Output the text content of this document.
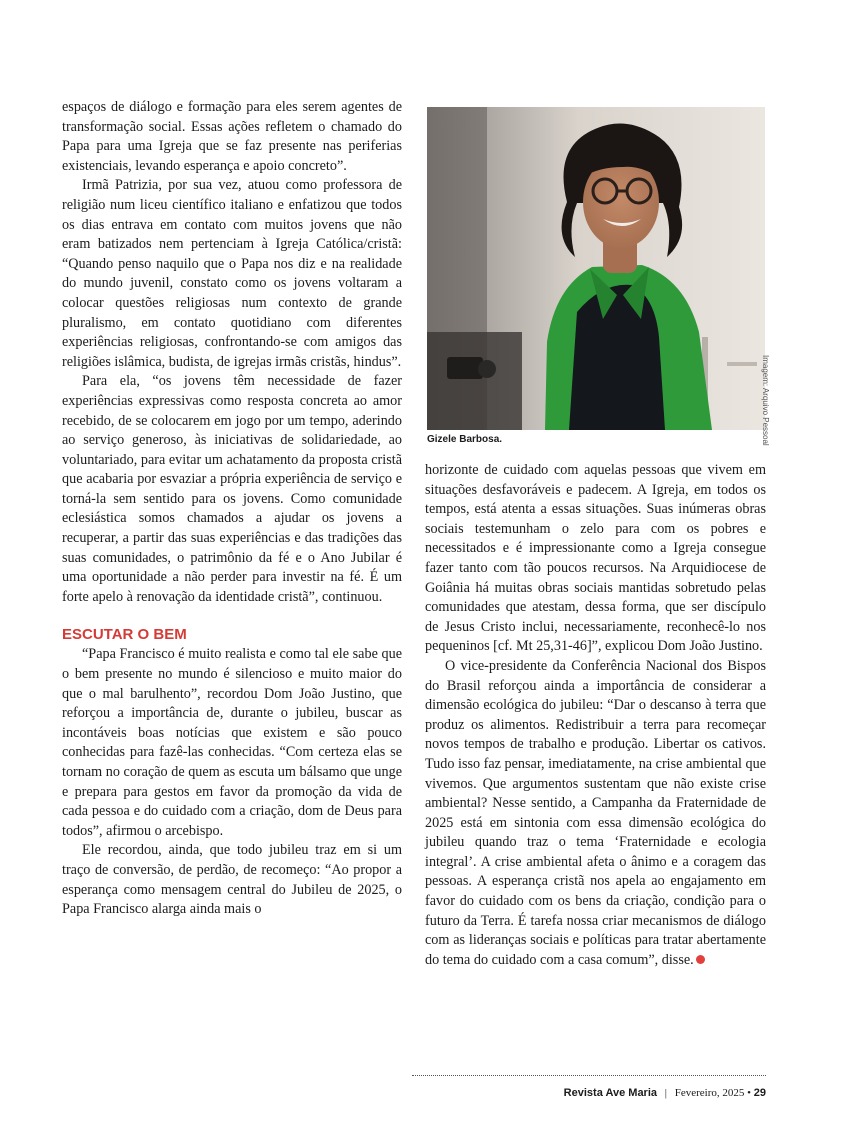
espaços de diálogo e formação para eles serem agentes de transformação social. Essas ações refletem o chamado do Papa para uma Igreja que se faz presente nas periferias existenciais, levando esperança e apoio concreto”.

Irmã Patrizia, por sua vez, atuou como professora de religião num liceu científico italiano e enfatizou que todos os dias entrava em contato com muitos jovens que não eram batizados nem pertenciam à Igreja Católica/cristã: “Quando penso naquilo que o Papa nos diz e na realidade do mundo juvenil, constato como os jovens voltaram a colocar questões religiosas num contexto de grande pluralismo, em contato quotidiano com diferentes experiências religiosas, confrontando-se com amigos das religiões islâmica, budista, de igrejas irmãs cristãs, hindus”.

Para ela, “os jovens têm necessidade de fazer experiências expressivas como resposta concreta ao amor recebido, de se colocarem em jogo por um tempo, aderindo ao serviço generoso, às iniciativas de solidariedade, ao voluntariado, para evitar um achatamento da proposta cristã que acabaria por esvaziar a própria experiência de serviço e torná-la sem sentido para os jovens. Como comunidade eclesiástica somos chamados a ajudar os jovens a recuperar, a partir das suas experiências e das tradições das suas comunidades, o patrimônio da fé e o Ano Jubilar é uma oportunidade a não perder para investir na fé. É um forte apelo à renovação da identidade cristã”, continuou.

ESCUTAR O BEM

“Papa Francisco é muito realista e como tal ele sabe que o bem presente no mundo é silencioso e muito maior do que o mal barulhento”, recordou Dom João Justino, que reforçou a importância de, durante o jubileu, buscar as incontáveis boas notícias que existem e são pouco conhecidas para fazê-las conhecidas. “Com certeza elas se tornam no coração de quem as escuta um bálsamo que unge e prepara para gestos em favor da promoção da vida de cada pessoa e do cuidado com a criação, dom de Deus para todos”, afirmou o arcebispo.

Ele recordou, ainda, que todo jubileu traz em si um traço de conversão, de perdão, de recomeço: “Ao propor a esperança como mensagem central do Jubileu de 2025, o Papa Francisco alarga ainda mais o

Imagem: Arquivo Pessoal
Gizele Barbosa.

horizonte de cuidado com aquelas pessoas que vivem em situações desfavoráveis e padecem. A Igreja, em todos os tempos, está atenta a essas situações. Suas inúmeras obras sociais testemunham o zelo para com os pobres e necessitados e é impressionante como a Igreja consegue fazer tanto com tão poucos recursos. Na Arquidiocese de Goiânia há muitas obras sociais mantidas sobretudo pelas comunidades que atestam, dessa forma, que ser discípulo de Jesus Cristo inclui, necessariamente, reconhecê-lo nos pequeninos [cf. Mt 25,31-46]”, explicou Dom João Justino.

O vice-presidente da Conferência Nacional dos Bispos do Brasil reforçou ainda a importância de considerar a dimensão ecológica do jubileu: “Dar o descanso à terra que produz os alimentos. Redistribuir a terra para recomeçar novos tempos de trabalho e produção. Libertar os cativos. Tudo isso faz pensar, imediatamente, na crise ambiental que vivemos. Que argumentos sustentam que não existe crise ambiental? Nesse sentido, a Campanha da Fraternidade de 2025 está em sintonia com essa dimensão ecológica do jubileu quando traz o tema ‘Fraternidade e ecologia integral’. A crise ambiental afeta o ânimo e a coragem das pessoas. A esperança cristã nos apela ao engajamento em favor do cuidado com os bens da criação, condição para o futuro da Terra. É tarefa nossa criar mecanismos de diálogo com as lideranças sociais e políticas para tratar abertamente do tema do cuidado com a casa comum”, disse.

Revista Ave Maria | Fevereiro, 2025 • 29
